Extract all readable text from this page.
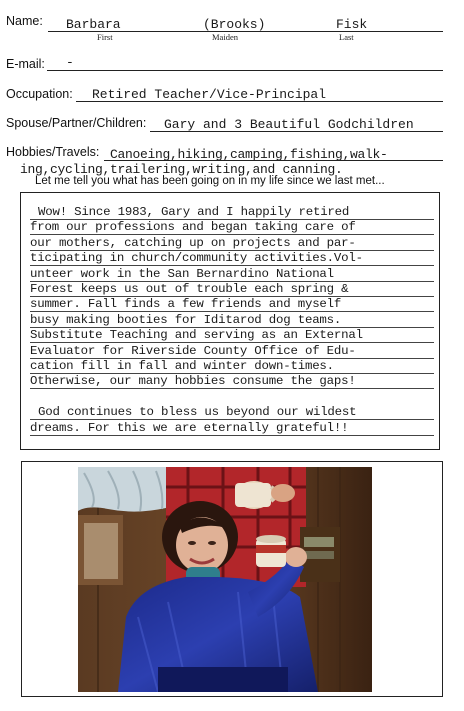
Name: Barbara	(Brooks)	Fisk
First	Maiden	Last
E-mail: -
Occupation: Retired Teacher/Vice-Principal
Spouse/Partner/Children: Gary and 3 Beautiful Godchildren
Hobbies/Travels: Canoeing,hiking,camping,fishing,walk-
ing,cycling,trailering,writing,and canning.
Let me tell you what has been going on in my life since we last met...
Wow! Since 1983, Gary and I happily retired
from our professions and began taking care of
our mothers, catching up on projects and par-
ticipating in church/community activities.Vol-
unteer work in the San Bernardino National
Forest keeps us out of trouble each spring &
summer. Fall finds a few friends and myself
busy making booties for Iditarod dog teams.
Substitute Teaching and serving as an External
Evaluator for Riverside County Office of Edu-
cation fill in fall and winter down-times.
Otherwise, our many hobbies consume the gaps!
God continues to bless us beyond our wildest
dreams. For this we are eternally grateful!!
